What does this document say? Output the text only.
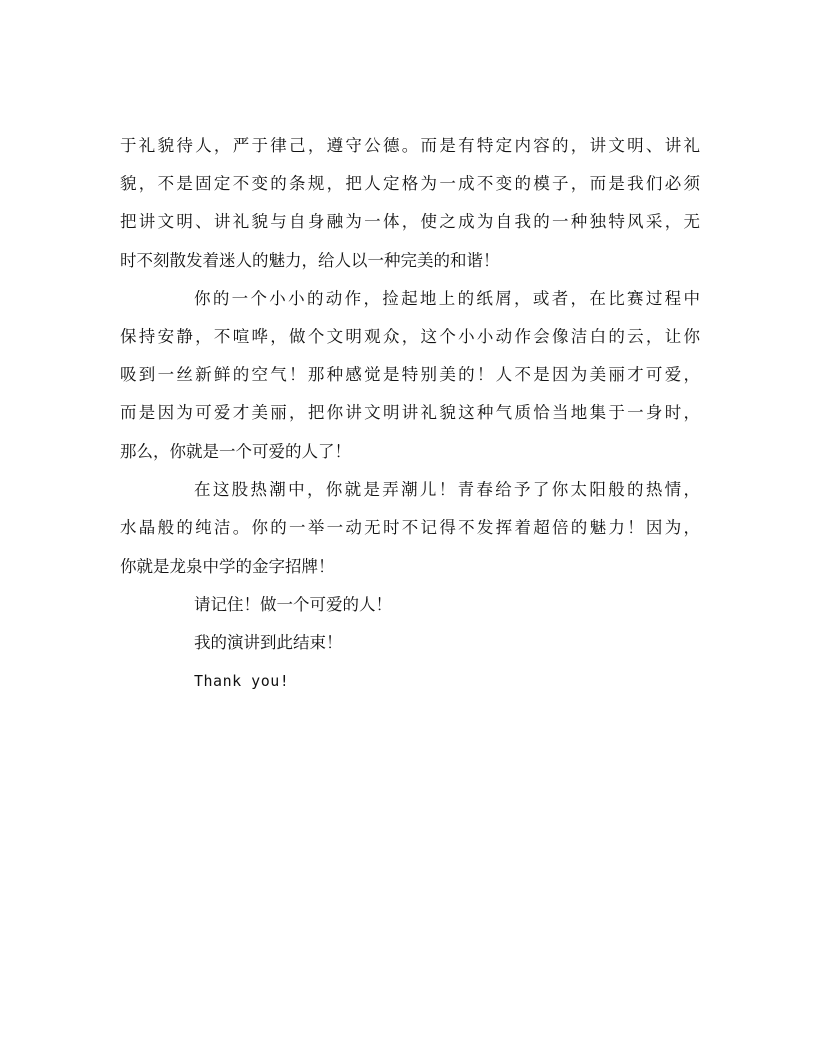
于礼貌待人，严于律己，遵守公德。而是有特定内容的，讲文明、讲礼
貌，不是固定不变的条规，把人定格为一成不变的模子，而是我们必须
把讲文明、讲礼貌与自身融为一体，使之成为自我的一种独特风采，无
时不刻散发着迷人的魅力，给人以一种完美的和谐！
你的一个小小的动作，捡起地上的纸屑，或者，在比赛过程中
保持安静，不喧哗，做个文明观众，这个小小动作会像洁白的云，让你
吸到一丝新鲜的空气！那种感觉是特别美的！人不是因为美丽才可爱，
而是因为可爱才美丽，把你讲文明讲礼貌这种气质恰当地集于一身时，
那么，你就是一个可爱的人了！
在这股热潮中，你就是弄潮儿！青春给予了你太阳般的热情，
水晶般的纯洁。你的一举一动无时不记得不发挥着超倍的魅力！因为，
你就是龙泉中学的金字招牌！
请记住！做一个可爱的人！
我的演讲到此结束！
Thank you!
